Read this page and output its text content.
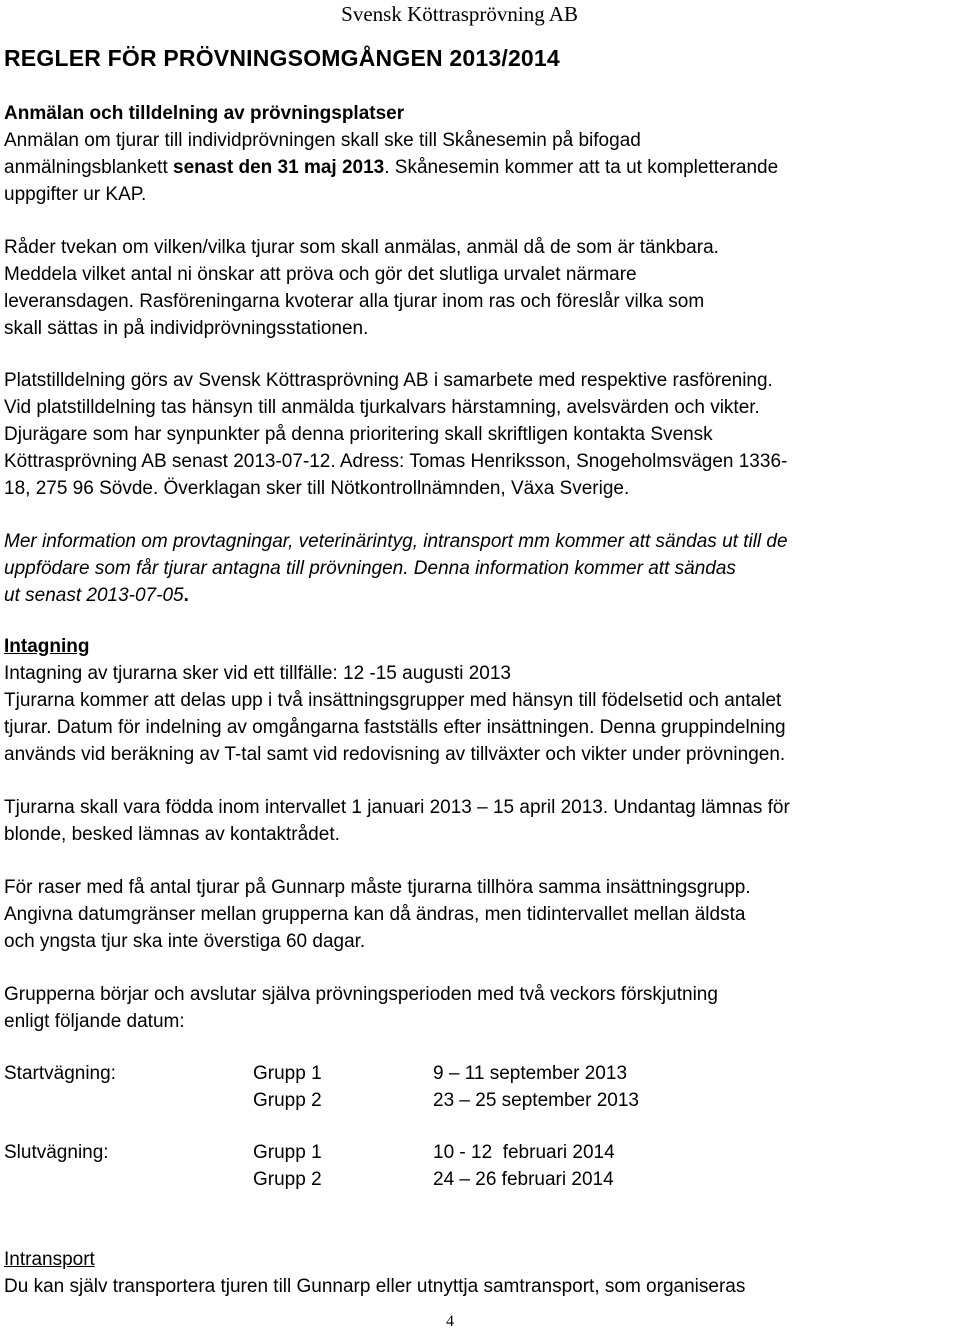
Svensk Köttrasprövning AB
REGLER FÖR PRÖVNINGSOMGÅNGEN 2013/2014
Anmälan och tilldelning av prövningsplatser
Anmälan om tjurar till individprövningen skall ske till Skånesemin på bifogad
anmälningsblankett senast den 31 maj 2013. Skånesemin kommer att ta ut kompletterande
uppgifter ur KAP.
Råder tvekan om vilken/vilka tjurar som skall anmälas, anmäl då de som är tänkbara.
Meddela vilket antal ni önskar att pröva och gör det slutliga urvalet närmare
leveransdagen. Rasföreningarna kvoterar alla tjurar inom ras och föreslår vilka som
skall sättas in på individprövningsstationen.
Platstilldelning görs av Svensk Köttrasprövning AB i samarbete med respektive rasförening.
Vid platstilldelning tas hänsyn till anmälda tjurkalvars härstamning, avelsvärden och vikter.
Djurägare som har synpunkter på denna prioritering skall skriftligen kontakta Svensk
Köttrasprövning AB senast 2013-07-12. Adress: Tomas Henriksson, Snogeholmsvägen 1336-
18, 275 96 Sövde. Överklagan sker till Nötkontrollnämnden, Växa Sverige.
Mer information om provtagningar, veterinärintyg, intransport mm kommer att sändas ut till de
uppfödare som får tjurar antagna till prövningen. Denna information kommer att sändas
ut senast 2013-07-05.
Intagning
Intagning av tjurarna sker vid ett tillfälle: 12 -15 augusti 2013
Tjurarna kommer att delas upp i två insättningsgrupper med hänsyn till födelsetid och antalet
tjurar. Datum för indelning av omgångarna fastställs efter insättningen. Denna gruppindelning
används vid beräkning av T-tal samt vid redovisning av tillväxter och vikter under prövningen.
Tjurarna skall vara födda inom intervallet 1 januari 2013 – 15 april 2013. Undantag lämnas för
blonde, besked lämnas av kontaktrådet.
För raser med få antal tjurar på Gunnarp måste tjurarna tillhöra samma insättningsgrupp.
Angivna datumgränser mellan grupperna kan då ändras, men tidintervallet mellan äldsta
och yngsta tjur ska inte överstiga 60 dagar.
Grupperna börjar och avslutar själva prövningsperioden med två veckors förskjutning
enligt följande datum:
Startvägning:	Grupp 1	9 – 11 september 2013
Grupp 2	23 – 25 september 2013
Slutvägning:	Grupp 1	10 - 12  februari 2014
Grupp 2	24 – 26 februari 2014
Intransport
Du kan själv transportera tjuren till Gunnarp eller utnyttja samtransport, som organiseras
4
